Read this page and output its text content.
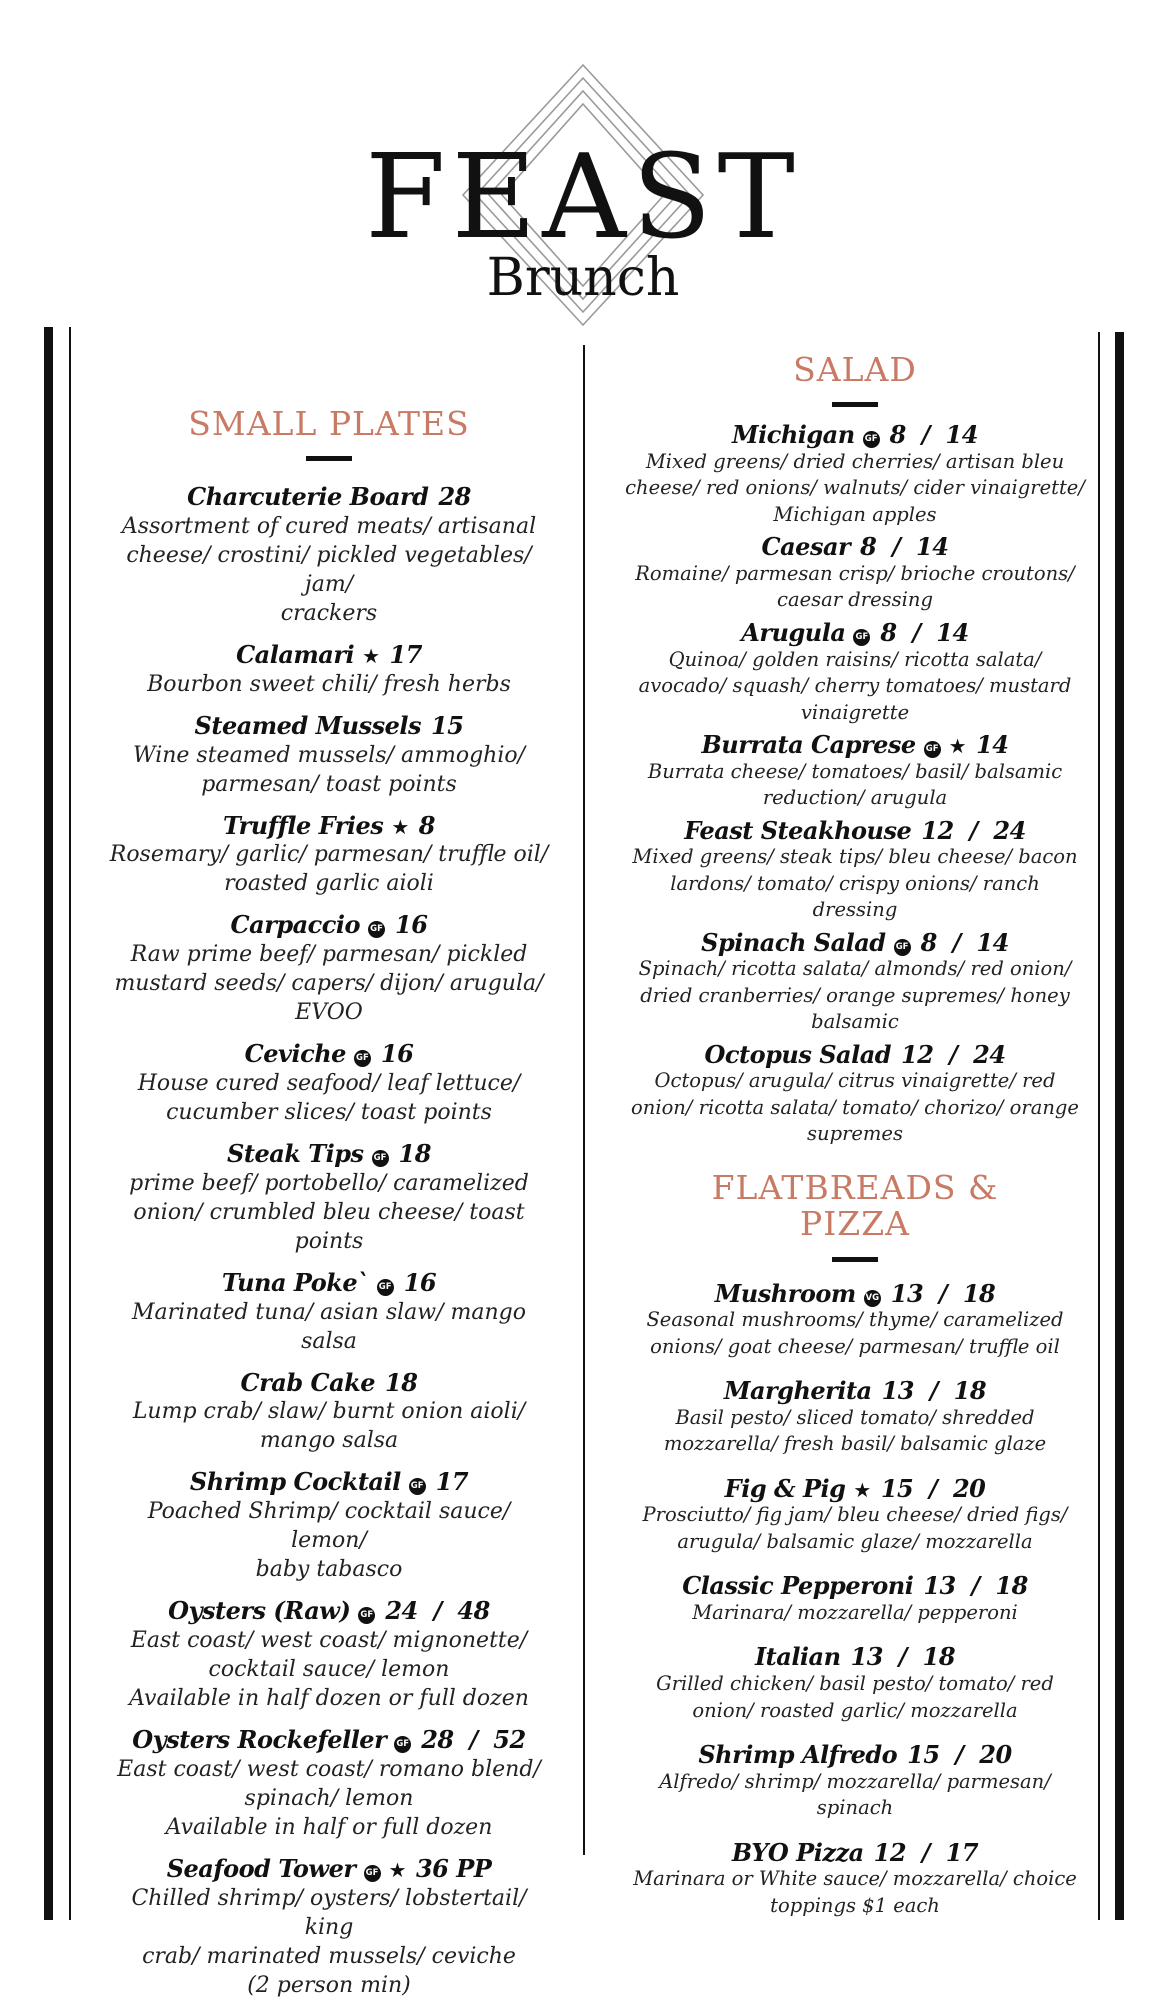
FEAST
Brunch
SMALL PLATES
Charcuterie Board 28
Assortment of cured meats/ artisanal
cheese/ crostini/ pickled vegetables/ jam/
crackers
Calamari ★ 17
Bourbon sweet chili/ fresh herbs
Steamed Mussels 15
Wine steamed mussels/ ammoghio/
parmesan/ toast points
Truffle Fries ★ 8
Rosemary/ garlic/ parmesan/ truffle oil/
roasted garlic aioli
Carpaccio GF 16
Raw prime beef/ parmesan/ pickled
mustard seeds/ capers/ dijon/ arugula/
EVOO
Ceviche GF 16
House cured seafood/ leaf lettuce/
cucumber slices/ toast points
Steak Tips GF 18
prime beef/ portobello/ caramelized
onion/ crumbled bleu cheese/ toast points
Tuna Poke` GF 16
Marinated tuna/ asian slaw/ mango salsa
Crab Cake 18
Lump crab/ slaw/ burnt onion aioli/
mango salsa
Shrimp Cocktail GF 17
Poached Shrimp/ cocktail sauce/ lemon/
baby tabasco
Oysters (Raw) GF 24  /  48
East coast/ west coast/ mignonette/
cocktail sauce/ lemon
Available in half dozen or full dozen
Oysters Rockefeller GF 28  /  52
East coast/ west coast/ romano blend/
spinach/ lemon
Available in half or full dozen
Seafood Tower GF ★ 36 PP
Chilled shrimp/ oysters/ lobstertail/ king
crab/ marinated mussels/ ceviche
(2 person min)
SALAD
Michigan GF 8  /  14
Mixed greens/ dried cherries/ artisan bleu
cheese/ red onions/ walnuts/ cider vinaigrette/
Michigan apples
Caesar 8  /  14
Romaine/ parmesan crisp/ brioche croutons/
caesar dressing
Arugula GF 8  /  14
Quinoa/ golden raisins/ ricotta salata/
avocado/ squash/ cherry tomatoes/ mustard
vinaigrette
Burrata Caprese GF ★ 14
Burrata cheese/ tomatoes/ basil/ balsamic
reduction/ arugula
Feast Steakhouse 12  /  24
Mixed greens/ steak tips/ bleu cheese/ bacon
lardons/ tomato/ crispy onions/ ranch
dressing
Spinach Salad GF 8  /  14
Spinach/ ricotta salata/ almonds/ red onion/
dried cranberries/ orange supremes/ honey
balsamic
Octopus Salad 12  /  24
Octopus/ arugula/ citrus vinaigrette/ red
onion/ ricotta salata/ tomato/ chorizo/ orange
supremes
FLATBREADS &
PIZZA
Mushroom VG 13  /  18
Seasonal mushrooms/ thyme/ caramelized
onions/ goat cheese/ parmesan/ truffle oil
Margherita 13  /  18
Basil pesto/ sliced tomato/ shredded
mozzarella/ fresh basil/ balsamic glaze
Fig & Pig ★ 15  /  20
Prosciutto/ fig jam/ bleu cheese/ dried figs/
arugula/ balsamic glaze/ mozzarella
Classic Pepperoni 13  /  18
Marinara/ mozzarella/ pepperoni
Italian 13  /  18
Grilled chicken/ basil pesto/ tomato/ red
onion/ roasted garlic/ mozzarella
Shrimp Alfredo 15  /  20
Alfredo/ shrimp/ mozzarella/ parmesan/
spinach
BYO Pizza 12  /  17
Marinara or White sauce/ mozzarella/ choice
toppings $1 each
